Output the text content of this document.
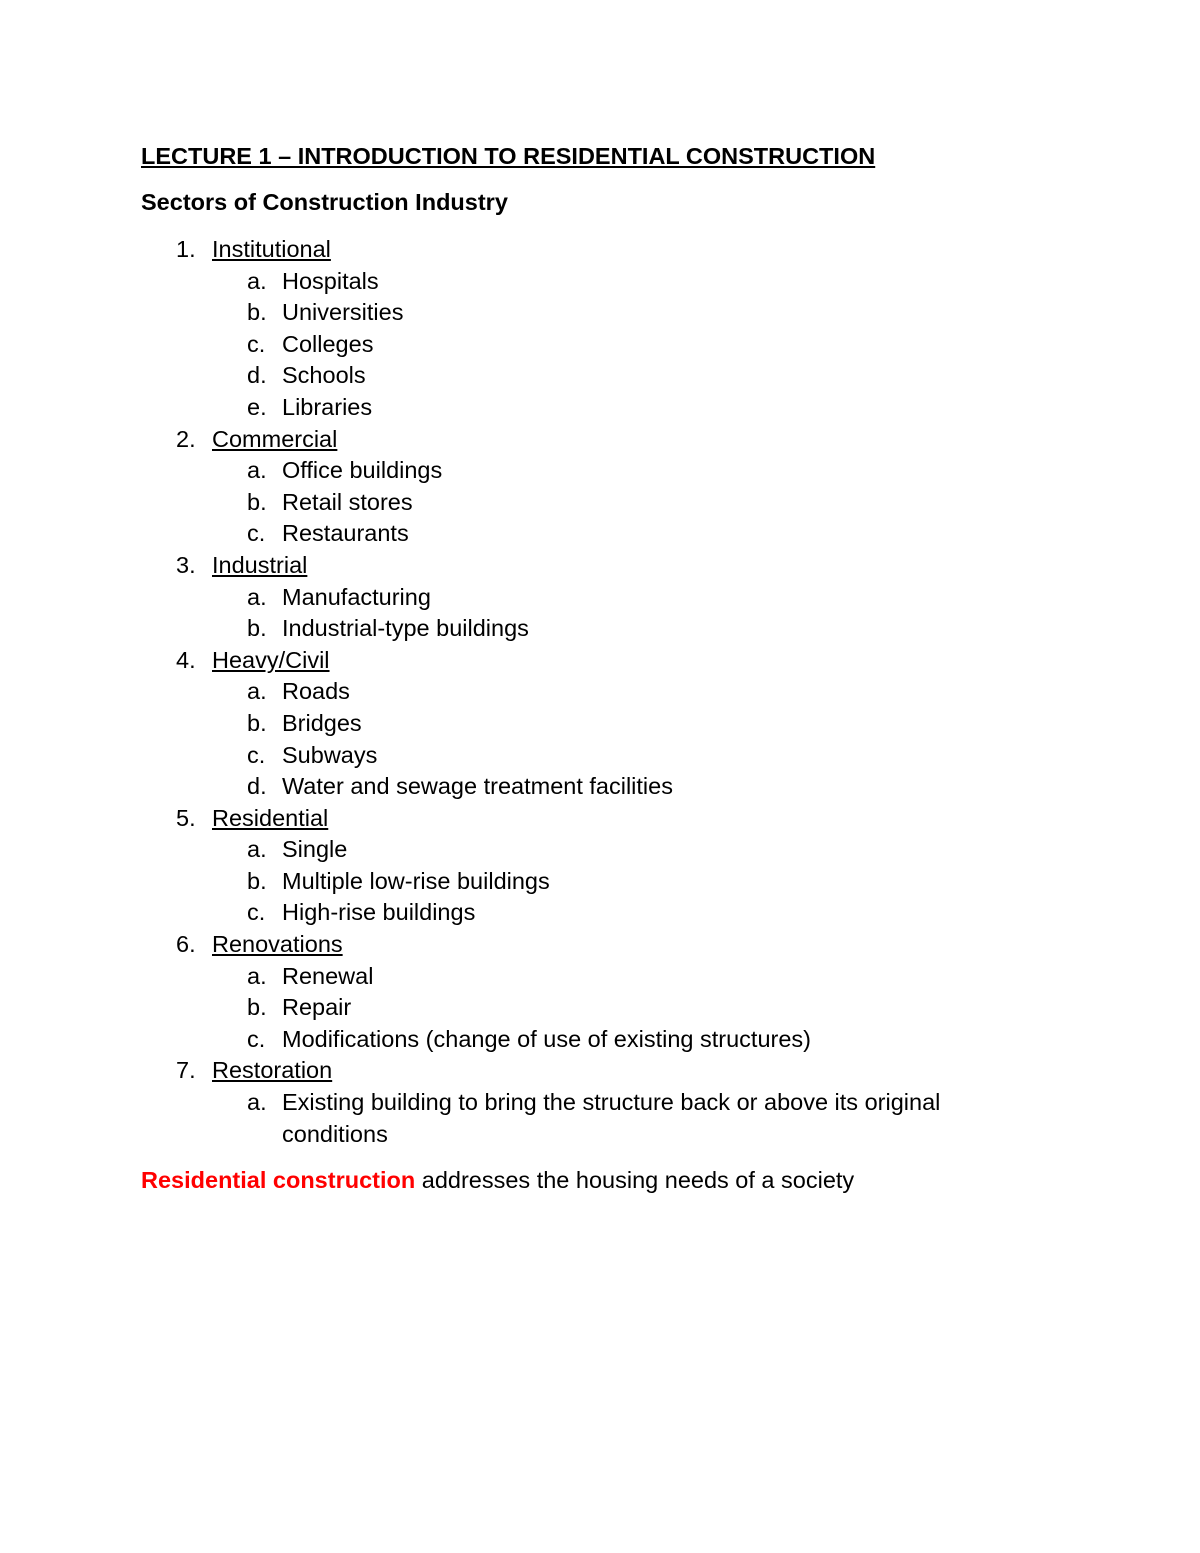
LECTURE 1 – INTRODUCTION TO RESIDENTIAL CONSTRUCTION
Sectors of Construction Industry
1. Institutional
a. Hospitals
b. Universities
c. Colleges
d. Schools
e. Libraries
2. Commercial
a. Office buildings
b. Retail stores
c. Restaurants
3. Industrial
a. Manufacturing
b. Industrial-type buildings
4. Heavy/Civil
a. Roads
b. Bridges
c. Subways
d. Water and sewage treatment facilities
5. Residential
a. Single
b. Multiple low-rise buildings
c. High-rise buildings
6. Renovations
a. Renewal
b. Repair
c. Modifications (change of use of existing structures)
7. Restoration
a. Existing building to bring the structure back or above its original conditions

Residential construction addresses the housing needs of a society
